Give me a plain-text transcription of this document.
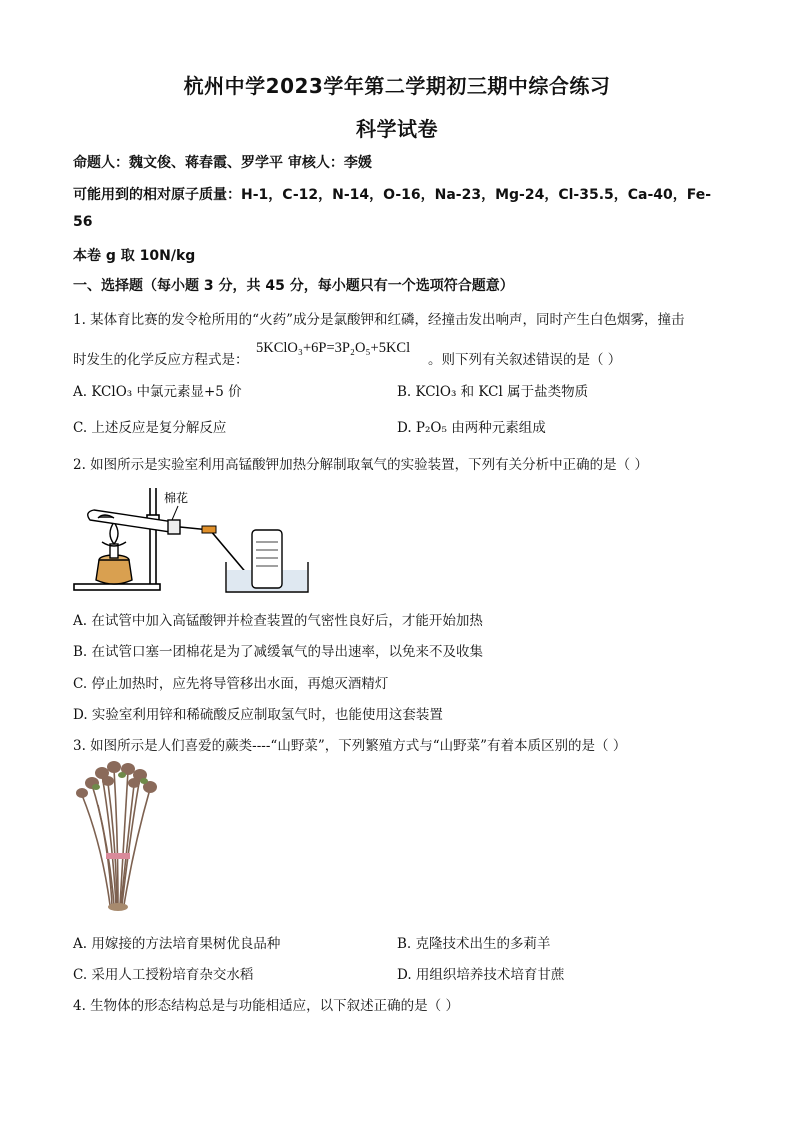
杭州中学2023学年第二学期初三期中综合练习
科学试卷
命题人：魏文俊、蒋春霞、罗学平 审核人：李媛
可能用到的相对原子质量：H-1，C-12，N-14，O-16，Na-23，Mg-24，Cl-35.5，Ca-40，Fe-
56
本卷 g 取 10N/kg
一、选择题（每小题 3 分，共 45 分，每小题只有一个选项符合题意）
1. 某体育比赛的发令枪所用的“火药”成分是氯酸钾和红磷，经撞击发出响声，同时产生白色烟雾，撞击
时发生的化学反应方程式是：
5KClO₃+6P=3P₂O₅+5KCl
。则下列有关叙述错误的是（ ）
A. KClO₃ 中氯元素显+5 价	B. KClO₃ 和 KCl 属于盐类物质
C. 上述反应是复分解反应	D. P₂O₅ 由两种元素组成
2. 如图所示是实验室利用高锰酸钾加热分解制取氧气的实验装置，下列有关分析中正确的是（ ）
棉花
A. 在试管中加入高锰酸钾并检查装置的气密性良好后，才能开始加热
B. 在试管口塞一团棉花是为了减缓氧气的导出速率，以免来不及收集
C. 停止加热时，应先将导管移出水面，再熄灭酒精灯
D. 实验室利用锌和稀硫酸反应制取氢气时，也能使用这套装置
3. 如图所示是人们喜爱的蕨类----“山野菜”，下列繁殖方式与“山野菜”有着本质区别的是（ ）
A. 用嫁接的方法培育果树优良品种	B. 克隆技术出生的多莉羊
C. 采用人工授粉培育杂交水稻	D. 用组织培养技术培育甘蔗
4. 生物体的形态结构总是与功能相适应，以下叙述正确的是（ ）
